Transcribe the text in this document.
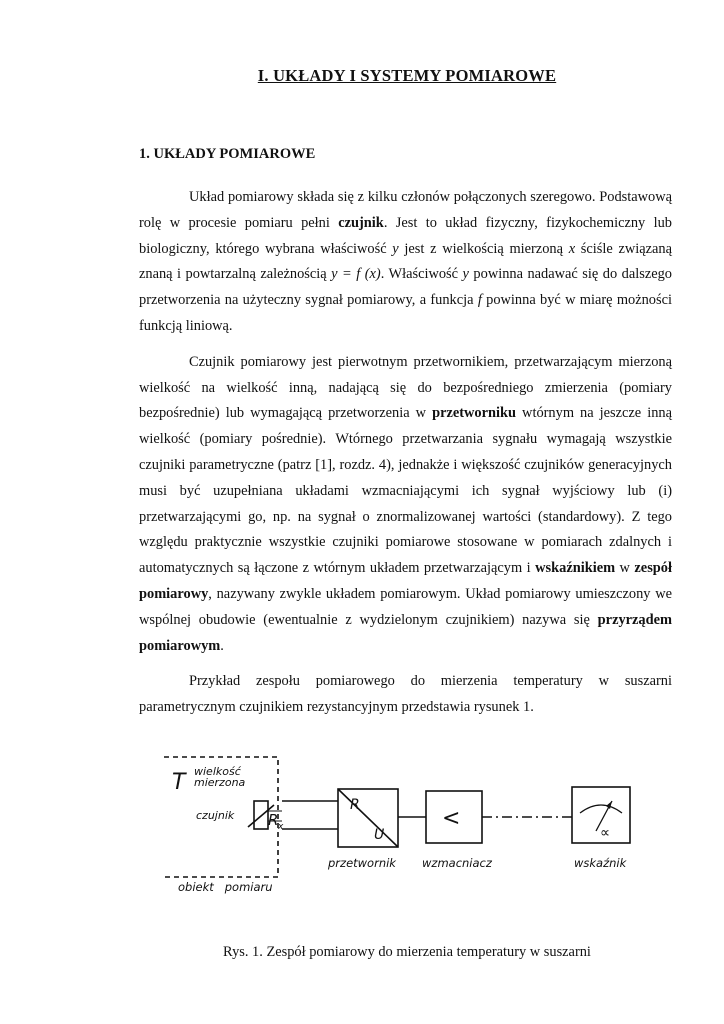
I. UKŁADY I SYSTEMY POMIAROWE
1. UKŁADY POMIAROWE

Układ pomiarowy składa się z kilku członów połączonych szeregowo. Podstawową rolę w procesie pomiaru pełni czujnik. Jest to układ fizyczny, fizykochemiczny lub biologiczny, którego wybrana właściwość y jest z wielkością mierzoną x ściśle związaną znaną i powtarzalną zależnością y = f (x). Właściwość y powinna nadawać się do dalszego przetworzenia na użyteczny sygnał pomiarowy, a funkcja f powinna być w miarę możności funkcją liniową.

Czujnik pomiarowy jest pierwotnym przetwornikiem, przetwarzającym mierzoną wielkość na wielkość inną, nadającą się do bezpośredniego zmierzenia (pomiary bezpośrednie) lub wymagającą przetworzenia w przetworniku wtórnym na jeszcze inną wielkość (pomiary pośrednie). Wtórnego przetwarzania sygnału wymagają wszystkie czujniki parametryczne (patrz [1], rozdz. 4), jednakże i większość czujników generacyjnych musi być uzupełniana układami wzmacniającymi ich sygnał wyjściowy lub (i) przetwarzającymi go, np. na sygnał o znormalizowanej wartości (standardowy). Z tego względu praktycznie wszystkie czujniki pomiarowe stosowane w pomiarach zdalnych i automatycznych są łączone z wtórnym układem przetwarzającym i wskaźnikiem w zespół pomiarowy, nazywany zwykle układem pomiarowym. Układ pomiarowy umieszczony we wspólnej obudowie (ewentualnie z wydzielonym czujnikiem) nazywa się przyrządem pomiarowym.

Przykład zespołu pomiarowego do mierzenia temperatury w suszarni parametrycznym czujnikiem rezystancyjnym przedstawia rysunek 1.

T wielkość
mierzona
czujnik R x
R
U
<
∝
przetwornik wzmacniacz	wskaźnik
obiekt   pomiaru
Rys. 1. Zespół pomiarowy do mierzenia temperatury w suszarni
